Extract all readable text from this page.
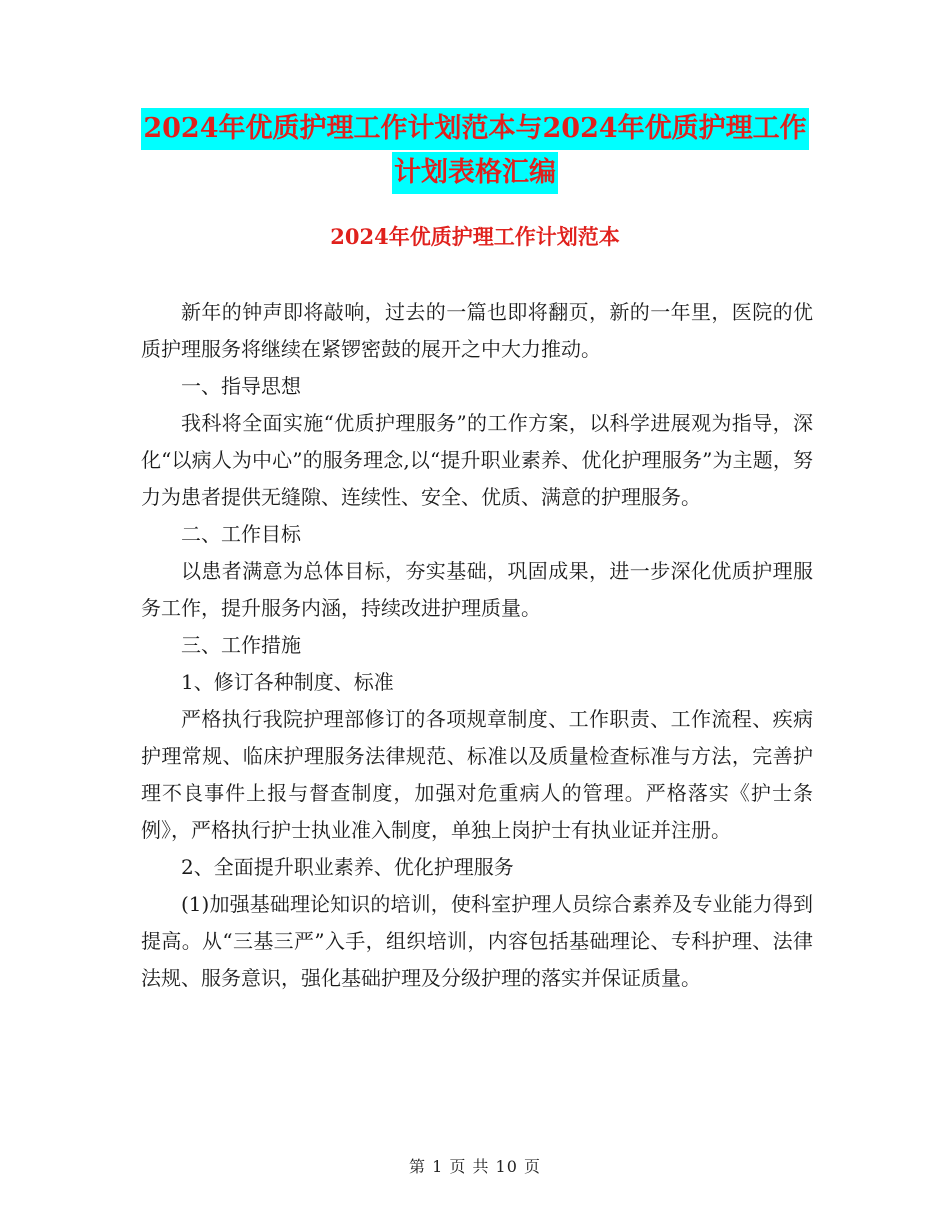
2024年优质护理工作计划范本与2024年优质护理工作
计划表格汇编
2024年优质护理工作计划范本

新年的钟声即将敲响，过去的一篇也即将翻页，新的一年里，医院的优质护理服务将继续在紧锣密鼓的展开之中大力推动。

一、指导思想

我科将全面实施“优质护理服务”的工作方案，以科学进展观为指导，深化“以病人为中心”的服务理念,以“提升职业素养、优化护理服务”为主题，努力为患者提供无缝隙、连续性、安全、优质、满意的护理服务。

二、工作目标

以患者满意为总体目标，夯实基础，巩固成果，进一步深化优质护理服务工作，提升服务内涵，持续改进护理质量。

三、工作措施

1、修订各种制度、标准

严格执行我院护理部修订的各项规章制度、工作职责、工作流程、疾病护理常规、临床护理服务法律规范、标准以及质量检查标准与方法，完善护理不良事件上报与督查制度，加强对危重病人的管理。严格落实《护士条例》，严格执行护士执业准入制度，单独上岗护士有执业证并注册。

2、全面提升职业素养、优化护理服务

(1)加强基础理论知识的培训，使科室护理人员综合素养及专业能力得到提高。从“三基三严”入手，组织培训，内容包括基础理论、专科护理、法律法规、服务意识，强化基础护理及分级护理的落实并保证质量。

第 1 页 共 10 页
